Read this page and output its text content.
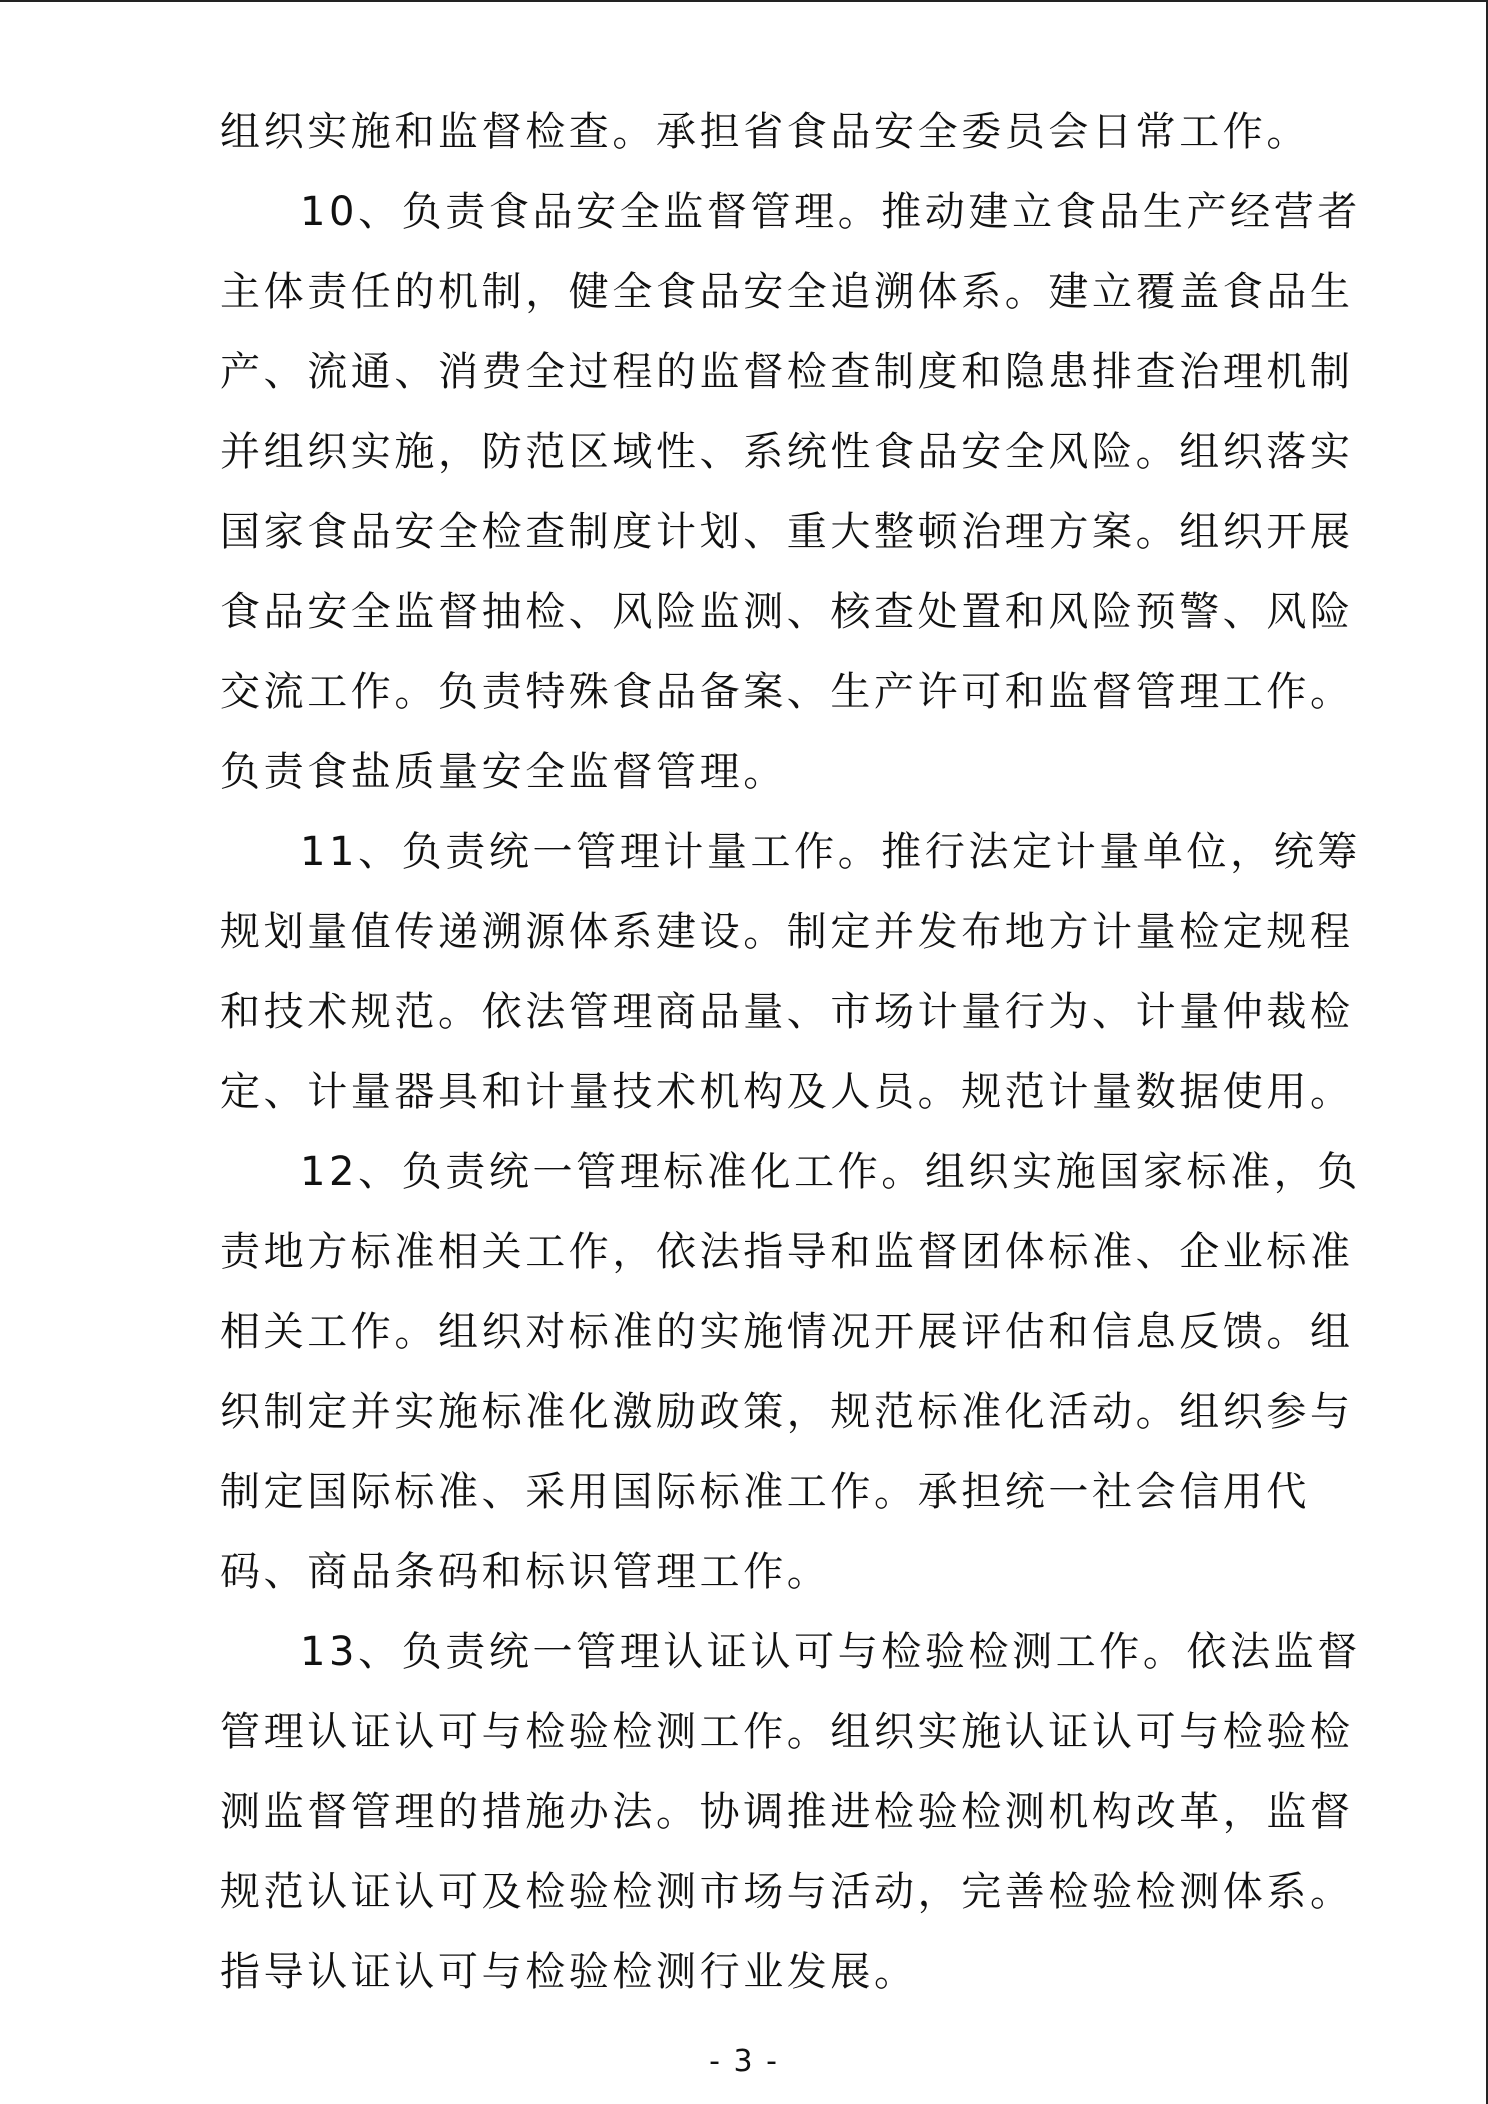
组织实施和监督检查。承担省食品安全委员会日常工作。
10、负责食品安全监督管理。推动建立食品生产经营者
主体责任的机制，健全食品安全追溯体系。建立覆盖食品生
产、流通、消费全过程的监督检查制度和隐患排查治理机制
并组织实施，防范区域性、系统性食品安全风险。组织落实
国家食品安全检查制度计划、重大整顿治理方案。组织开展
食品安全监督抽检、风险监测、核查处置和风险预警、风险
交流工作。负责特殊食品备案、生产许可和监督管理工作。
负责食盐质量安全监督管理。
11、负责统一管理计量工作。推行法定计量单位，统筹
规划量值传递溯源体系建设。制定并发布地方计量检定规程
和技术规范。依法管理商品量、市场计量行为、计量仲裁检
定、计量器具和计量技术机构及人员。规范计量数据使用。
12、负责统一管理标准化工作。组织实施国家标准，负
责地方标准相关工作，依法指导和监督团体标准、企业标准
相关工作。组织对标准的实施情况开展评估和信息反馈。组
织制定并实施标准化激励政策，规范标准化活动。组织参与
制定国际标准、采用国际标准工作。承担统一社会信用代
码、商品条码和标识管理工作。
13、负责统一管理认证认可与检验检测工作。依法监督
管理认证认可与检验检测工作。组织实施认证认可与检验检
测监督管理的措施办法。协调推进检验检测机构改革，监督
规范认证认可及检验检测市场与活动，完善检验检测体系。
指导认证认可与检验检测行业发展。
- 3 -
